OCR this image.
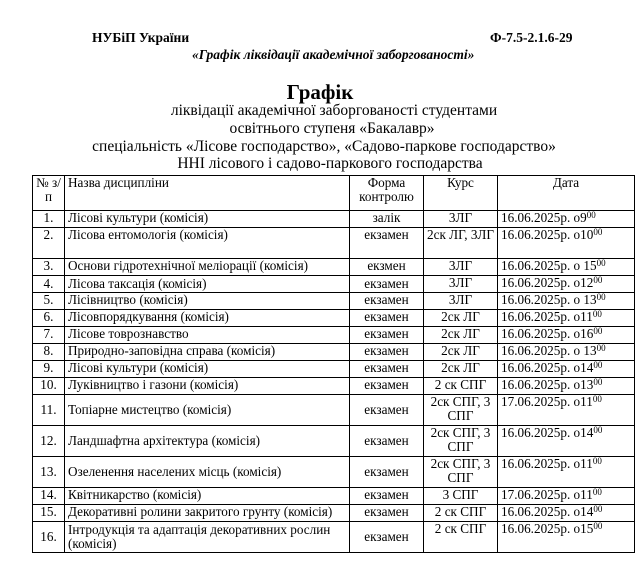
НУБіП України	Ф-7.5-2.1.6-29
«Графік ліквідації академічної заборгованості»
Графік
ліквідації академічної заборгованості студентами
освітнього ступеня «Бакалавр»
спеціальність «Лісове господарство», «Садово-паркове господарство»
ННІ лісового і садово-паркового господарства
№ з/п	Назва дисципліни	Форма контролю	Курс	Дата
1.	Лісові культури (комісія)	залік	3ЛГ	16.06.2025р. $о9^{00}$
2.	Лісова ентомологія (комісія)	екзамен	2ск ЛГ, 3ЛГ	16.06.2025р. $о10^{00}$
3.	Основи гідротехнічної меліорації (комісія)	екзмен	3ЛГ	16.06.2025р. о $15^{00}$
4.	Лісова таксація (комісія)	екзамен	3ЛГ	16.06.2025р. $о12^{00}$
5.	Лісівництво (комісія)	екзамен	3ЛГ	16.06.2025р. о $13^{00}$
6.	Лісовпорядкування (комісія)	екзамен	2ск ЛГ	16.06.2025р. $о11^{00}$
7.	Лісове товрознавство	екзамен	2ск ЛГ	16.06.2025р. $о16^{00}$
8.	Природно-заповідна справа (комісія)	екзамен	2ск ЛГ	16.06.2025р. о $13^{00}$
9.	Лісові культури (комісія)	екзамен	2ск ЛГ	16.06.2025р. $о14^{00}$
10.	Луківництво і газони (комісія)	екзамен	2 ск СПГ	16.06.2025р. $о13^{00}$
11.	Топіарне мистецтво (комісія)	екзамен	2ск СПГ, 3 СПГ	17.06.2025р. $о11^{00}$
12.	Ландшафтна архітектура (комісія)	екзамен	2ск СПГ, 3 СПГ	16.06.2025р. $о14^{00}$
13.	Озеленення населених місць (комісія)	екзамен	2ск СПГ, 3 СПГ	16.06.2025р. $о11^{00}$
14.	Квітникарство (комісія)	екзамен	3 СПГ	17.06.2025р. $о11^{00}$
15.	Декоративні ролини закритого грунту (комісія)	екзамен	2 ск СПГ	16.06.2025р. $о14^{00}$
16.	Інтродукція та адаптація декоративних рослин (комісія)	екзамен	2 ск СПГ	16.06.2025р. $о15^{00}$
